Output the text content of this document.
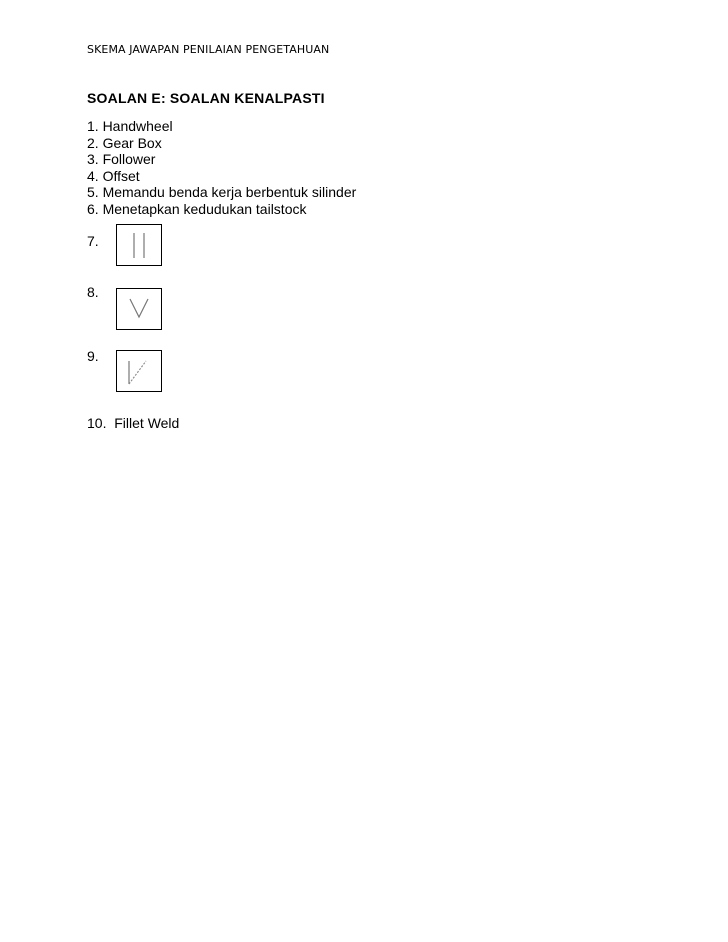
SKEMA JAWAPAN PENILAIAN PENGETAHUAN
SOALAN E: SOALAN KENALPASTI
1. Handwheel
2. Gear Box
3. Follower
4. Offset
5. Memandu benda kerja berbentuk silinder
6. Menetapkan kedudukan tailstock
7.
8.
9.
10.  Fillet Weld
